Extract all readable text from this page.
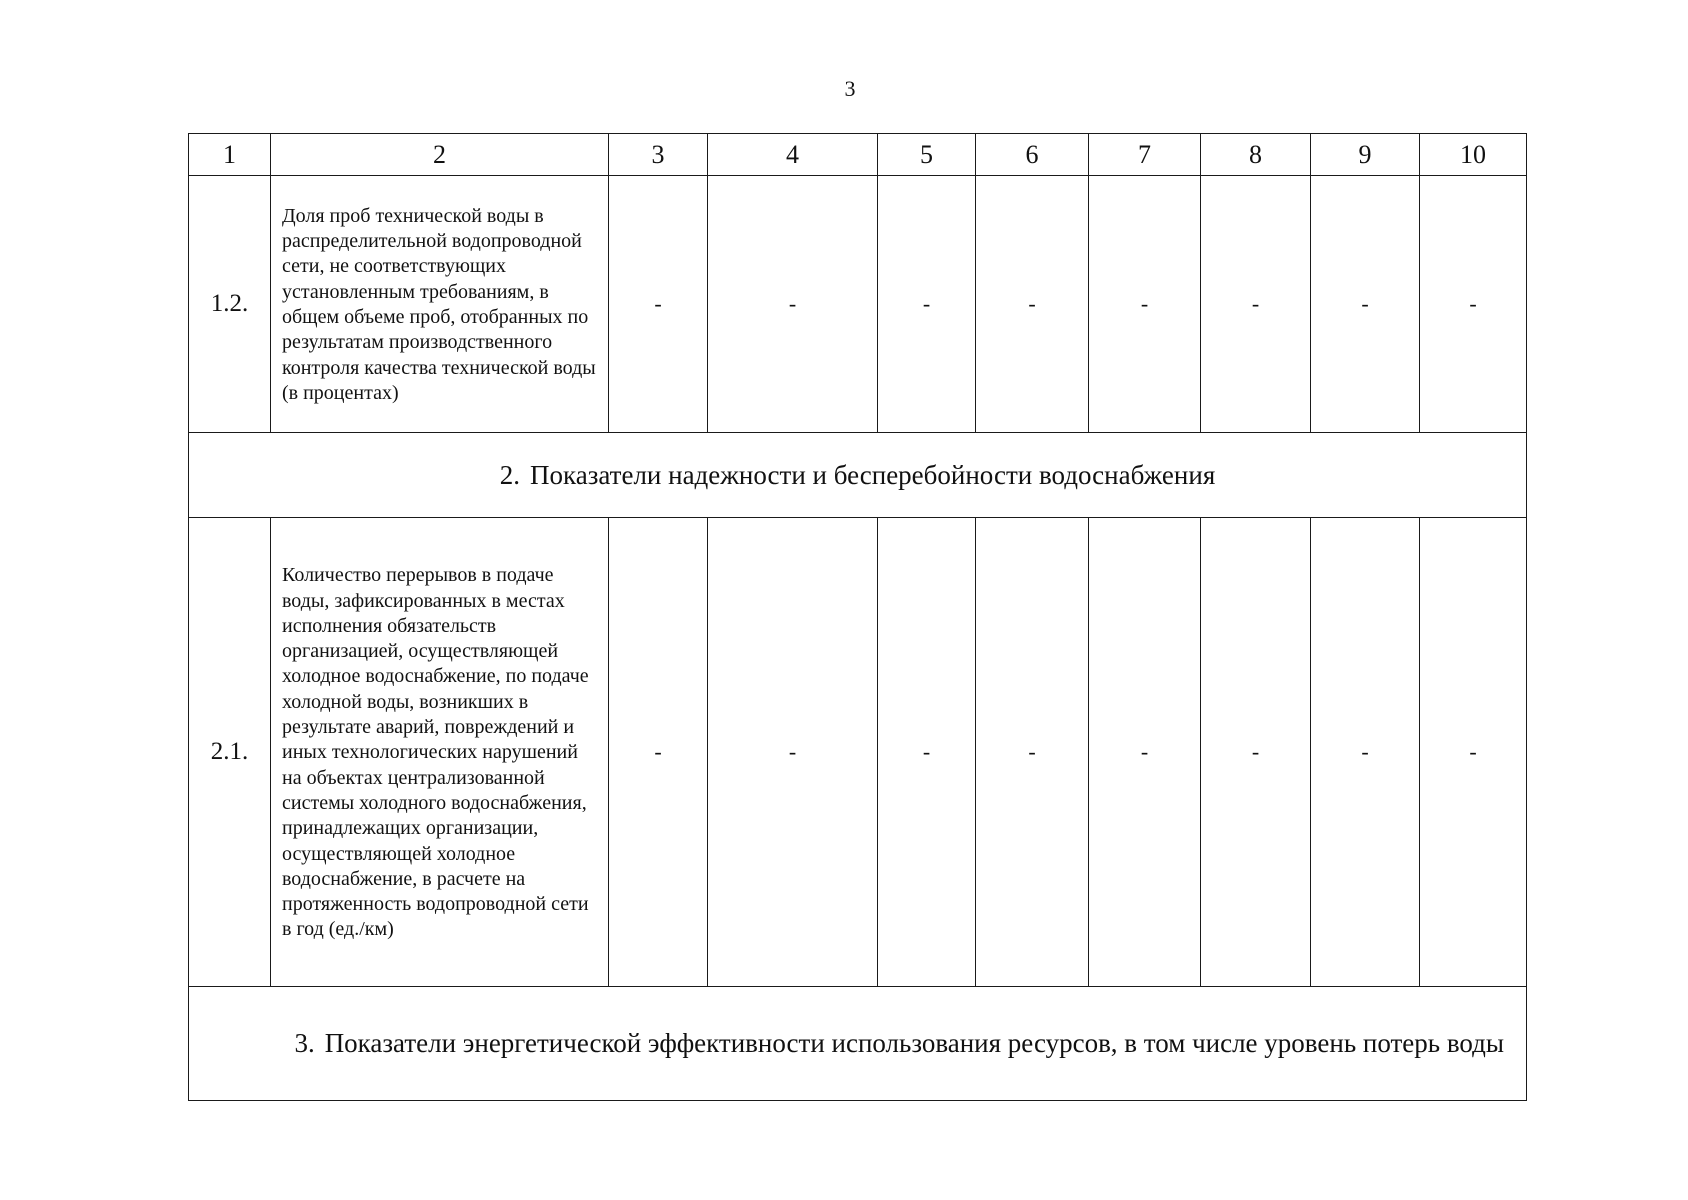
3
1	2	3	4	5	6	7	8	9	10
1.2.	Доля проб технической воды в распределительной водопроводной сети, не соответствующих установленным требованиям, в общем объеме проб, отобранных по результатам производственного контроля качества технической воды (в процентах)	-	-	-	-	-	-	-	-
2. Показатели надежности и бесперебойности водоснабжения									
2.1.	Количество перерывов в подаче воды, зафиксированных в местах исполнения обязательств организацией, осуществляющей холодное водоснабжение, по подаче холодной воды, возникших в результате аварий, повреждений и иных технологических нарушений на объектах централизованной системы холодного водоснабжения, принадлежащих организации, осуществляющей холодное водоснабжение, в расчете на протяженность водопроводной сети в год (ед./км)	-	-	-	-	-	-	-	-
3. Показатели энергетической эффективности использования ресурсов, в том числе уровень потерь воды									
